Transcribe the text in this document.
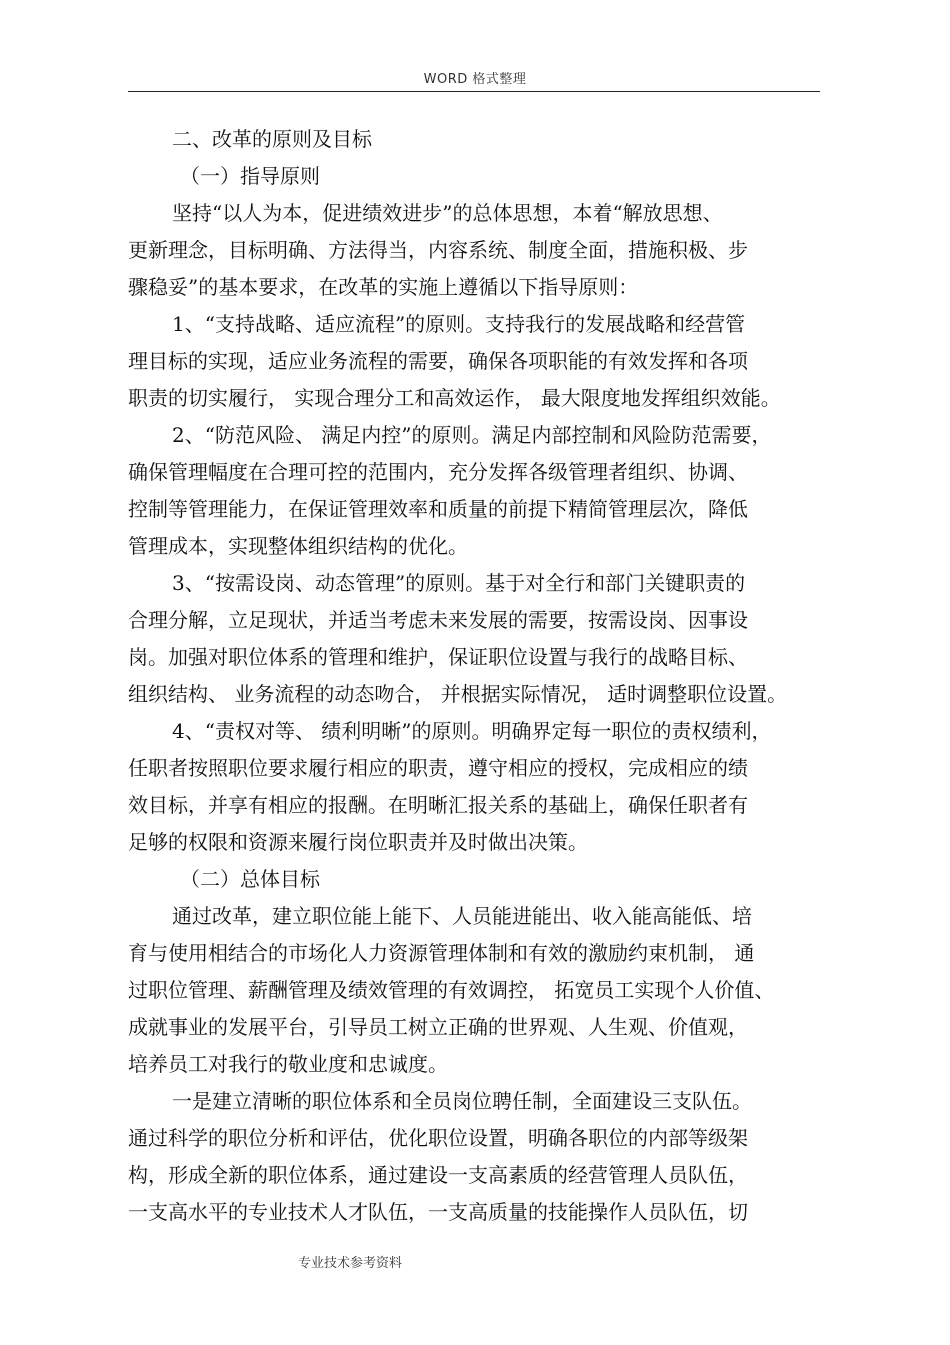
WORD 格式整理
二、改革的原则及目标
（一）指导原则
坚持“以人为本，促进绩效进步”的总体思想，本着“解放思想、
更新理念，目标明确、方法得当，内容系统、制度全面，措施积极、步
骤稳妥”的基本要求，在改革的实施上遵循以下指导原则：
1、“支持战略、适应流程”的原则。支持我行的发展战略和经营管
理目标的实现，适应业务流程的需要，确保各项职能的有效发挥和各项
职责的切实履行， 实现合理分工和高效运作， 最大限度地发挥组织效能。
2、“防范风险、 满足内控”的原则。满足内部控制和风险防范需要，
确保管理幅度在合理可控的范围内，充分发挥各级管理者组织、协调、
控制等管理能力，在保证管理效率和质量的前提下精简管理层次，降低
管理成本，实现整体组织结构的优化。
3、“按需设岗、动态管理”的原则。基于对全行和部门关键职责的
合理分解，立足现状，并适当考虑未来发展的需要，按需设岗、因事设
岗。加强对职位体系的管理和维护，保证职位设置与我行的战略目标、
组织结构、 业务流程的动态吻合， 并根据实际情况， 适时调整职位设置。
4、“责权对等、 绩利明晰”的原则。明确界定每一职位的责权绩利，
任职者按照职位要求履行相应的职责，遵守相应的授权，完成相应的绩
效目标，并享有相应的报酬。在明晰汇报关系的基础上，确保任职者有
足够的权限和资源来履行岗位职责并及时做出决策。
（二）总体目标
通过改革，建立职位能上能下、人员能进能出、收入能高能低、培
育与使用相结合的市场化人力资源管理体制和有效的激励约束机制， 通
过职位管理、薪酬管理及绩效管理的有效调控， 拓宽员工实现个人价值、
成就事业的发展平台，引导员工树立正确的世界观、人生观、价值观，
培养员工对我行的敬业度和忠诚度。
一是建立清晰的职位体系和全员岗位聘任制，全面建设三支队伍。
通过科学的职位分析和评估，优化职位设置，明确各职位的内部等级架
构，形成全新的职位体系，通过建设一支高素质的经营管理人员队伍，
一支高水平的专业技术人才队伍，一支高质量的技能操作人员队伍，切
专业技术参考资料
